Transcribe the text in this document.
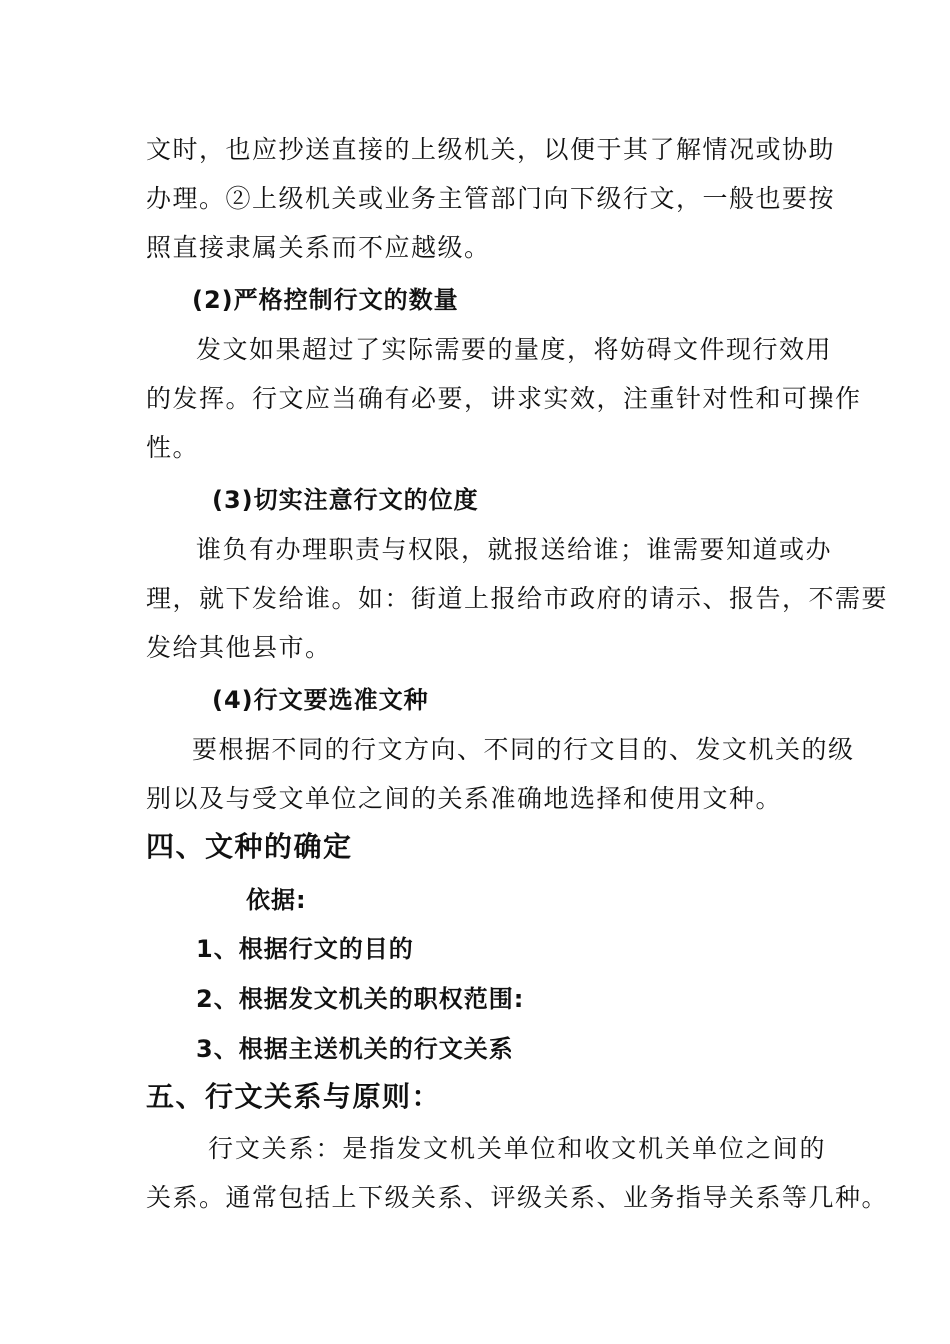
文时，也应抄送直接的上级机关，以便于其了解情况或协助
办理。②上级机关或业务主管部门向下级行文，一般也要按
照直接隶属关系而不应越级。
(2)严格控制行文的数量
发文如果超过了实际需要的量度，将妨碍文件现行效用
的发挥。行文应当确有必要，讲求实效，注重针对性和可操作
性。
(3)切实注意行文的位度
谁负有办理职责与权限，就报送给谁；谁需要知道或办
理，就下发给谁。如：街道上报给市政府的请示、报告，不需要
发给其他县市。
(4)行文要选准文种
要根据不同的行文方向、不同的行文目的、发文机关的级
别以及与受文单位之间的关系准确地选择和使用文种。
四、文种的确定
依据:
1、根据行文的目的
2、根据发文机关的职权范围:
3、根据主送机关的行文关系
五、行文关系与原则：
行文关系：是指发文机关单位和收文机关单位之间的
关系。通常包括上下级关系、评级关系、业务指导关系等几种。
